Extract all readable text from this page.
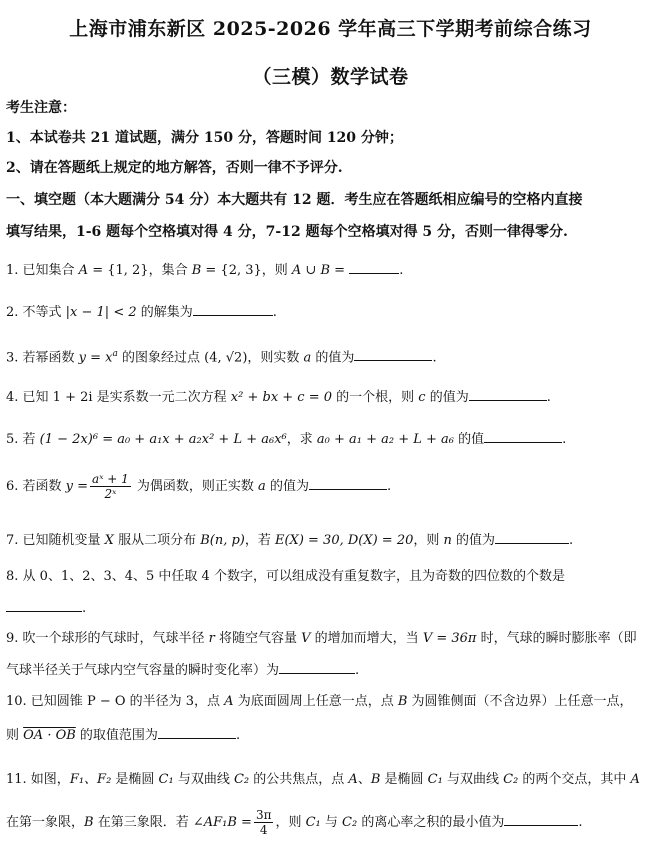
上海市浦东新区 2025-2026 学年高三下学期考前综合练习
（三模）数学试卷
考生注意：
1、本试卷共 21 道试题，满分 150 分，答题时间 120 分钟；
2、请在答题纸上规定的地方解答，否则一律不予评分.
一、填空题（本大题满分 54 分）本大题共有 12 题．考生应在答题纸相应编号的空格内直接
填写结果，1-6 题每个空格填对得 4 分，7-12 题每个空格填对得 5 分，否则一律得零分.
1. 已知集合 A = {1, 2}，集合 B = {2, 3}，则 A ∪ B =	.
2. 不等式 |x − 1| < 2 的解集为	.
3. 若幂函数 $y = x^a$ 的图象经过点 (4, √2)，则实数 a 的值为	.
4. 已知 1 + 2i 是实系数一元二次方程 x² + bx + c = 0 的一个根，则 c 的值为	.
5. 若 (1 − 2x)⁶ = a₀ + a₁x + a₂x² + L + a₆x⁶，求 a₀ + a₁ + a₂ + L + a₆ 的值	.
6. 若函数 $y = \frac{\text{aˣ + 1}}{\text{2ˣ}}$ 为偶函数，则正实数 a 的值为	.
7. 已知随机变量 X 服从二项分布 B(n, p)，若 E(X) = 30, D(X) = 20，则 n 的值为	.
8. 从 0、1、2、3、4、5 中任取 4 个数字，可以组成没有重复数字，且为奇数的四位数的个数是
.
9. 吹一个球形的气球时，气球半径 r 将随空气容量 V 的增加而增大，当 V = 36π 时，气球的瞬时膨胀率（即
气球半径关于气球内空气容量的瞬时变化率）为	.
10. 已知圆锥 P − O 的半径为 3，点 A 为底面圆周上任意一点，点 B 为圆锥侧面（不含边界）上任意一点，
则 OA · OB 的取值范围为	.
11. 如图，F₁、F₂ 是椭圆 C₁ 与双曲线 C₂ 的公共焦点，点 A、B 是椭圆 C₁ 与双曲线 C₂ 的两个交点，其中 A
在第一象限，B 在第三象限．若 ∠AF₁B = $\frac{3\pi}{4}$ ，则 C₁ 与 C₂ 的离心率之积的最小值为	.
